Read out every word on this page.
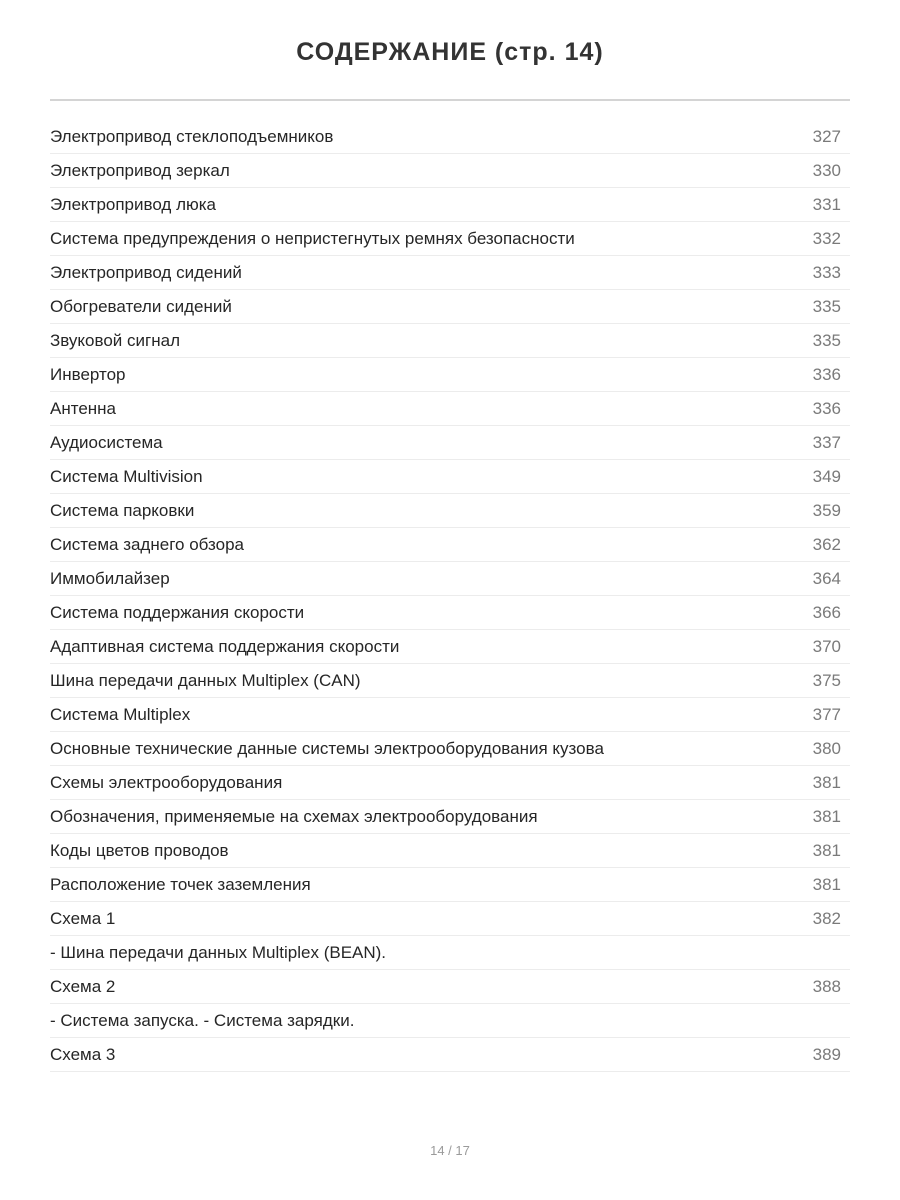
СОДЕРЖАНИЕ (стр. 14)
Электропривод стеклоподъемников	327
Электропривод зеркал	330
Электропривод люка	331
Система предупреждения о непристегнутых ремнях безопасности	332
Электропривод сидений	333
Обогреватели сидений	335
Звуковой сигнал	335
Инвертор	336
Антенна	336
Аудиосистема	337
Система Multivision	349
Система парковки	359
Система заднего обзора	362
Иммобилайзер	364
Система поддержания скорости	366
Адаптивная система поддержания скорости	370
Шина передачи данных Multiplex (CAN)	375
Система Multiplex	377
Основные технические данные системы электрооборудования кузова	380
Схемы электрооборудования	381
Обозначения, применяемые на схемах электрооборудования	381
Коды цветов проводов	381
Расположение точек заземления	381
Схема 1	382
- Шина передачи данных Multiplex (BEAN).
Схема 2	388
- Система запуска. - Система зарядки.
Схема 3	389
14 / 17
